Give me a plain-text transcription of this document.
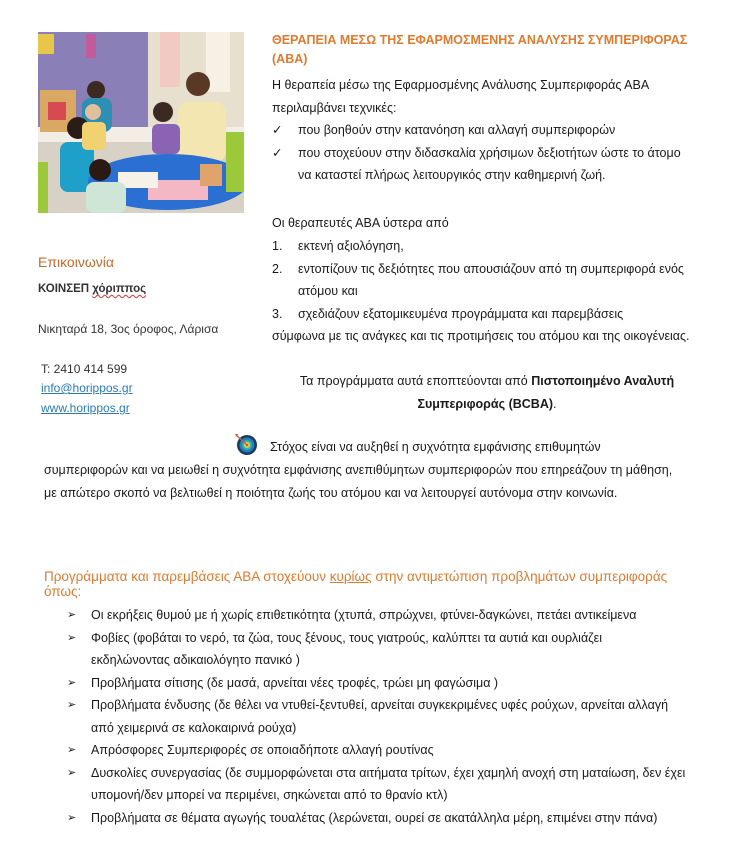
Επικοινωνία
ΚΟΙΝΣΕΠ χόριππος
Νικηταρά 18, 3ος όροφος, Λάρισα
T: 2410 414 599
info@horippos.gr
www.horippos.gr
ΘΕΡΑΠΕΙΑ ΜΕΣΩ ΤΗΣ ΕΦΑΡΜΟΣΜΕΝΗΣ ΑΝΑΛΥΣΗΣ ΣΥΜΠΕΡΙΦΟΡΑΣ (ΑΒΑ)
Η θεραπεία μέσω της Εφαρμοσμένης Ανάλυσης Συμπεριφοράς ΑΒΑ περιλαμβάνει τεχνικές:
✓	που βοηθούν στην κατανόηση και αλλαγή συμπεριφορών
✓	που στοχεύουν στην διδασκαλία χρήσιμων δεξιοτήτων ώστε το άτομο να καταστεί πλήρως λειτουργικός στην καθημερινή ζωή.
Οι θεραπευτές ΑΒΑ ύστερα από
1.	εκτενή αξιολόγηση,
2.	εντοπίζουν τις δεξιότητες που απουσιάζουν από τη συμπεριφορά ενός ατόμου και
3.	σχεδιάζουν εξατομικευμένα προγράμματα και παρεμβάσεις
σύμφωνα με τις ανάγκες και τις προτιμήσεις του ατόμου και της οικογένειας.
Τα προγράμματα αυτά εποπτεύονται από Πιστοποιημένο Αναλυτή Συμπεριφοράς (BCBA).
Στόχος είναι να αυξηθεί η συχνότητα εμφάνισης επιθυμητών
συμπεριφορών και να μειωθεί η συχνότητα εμφάνισης ανεπιθύμητων συμπεριφορών που επηρεάζουν τη μάθηση, με απώτερο σκοπό να βελτιωθεί η ποιότητα ζωής του ατόμου και να λειτουργεί αυτόνομα στην κοινωνία.
Προγράμματα και παρεμβάσεις ΑΒΑ στοχεύουν κυρίως στην αντιμετώπιση προβλημάτων συμπεριφοράς όπως:
➢ Οι εκρήξεις θυμού με ή χωρίς επιθετικότητα (χτυπά, σπρώχνει, φτύνει-δαγκώνει, πετάει αντικείμενα
➢ Φοβίες (φοβάται το νερό, τα ζώα, τους ξένους, τους γιατρούς, καλύπτει τα αυτιά και ουρλιάζει εκδηλώνοντας αδικαιολόγητο πανικό )
➢ Προβλήματα σίτισης (δε μασά, αρνείται νέες τροφές, τρώει μη φαγώσιμα )
➢ Προβλήματα ένδυσης (δε θέλει να ντυθεί-ξεντυθεί, αρνείται συγκεκριμένες υφές ρούχων, αρνείται αλλαγή από χειμερινά σε καλοκαιρινά ρούχα)
➢ Απρόσφορες Συμπεριφορές σε οποιαδήποτε αλλαγή ρουτίνας
➢ Δυσκολίες συνεργασίας (δε συμμορφώνεται στα αιτήματα τρίτων, έχει χαμηλή ανοχή στη ματαίωση, δεν έχει υπομονή/δεν μπορεί να περιμένει, σηκώνεται από το θρανίο κτλ)
➢ Προβλήματα σε θέματα αγωγής τουαλέτας (λερώνεται, ουρεί σε ακατάλληλα μέρη, επιμένει στην πάνα)
